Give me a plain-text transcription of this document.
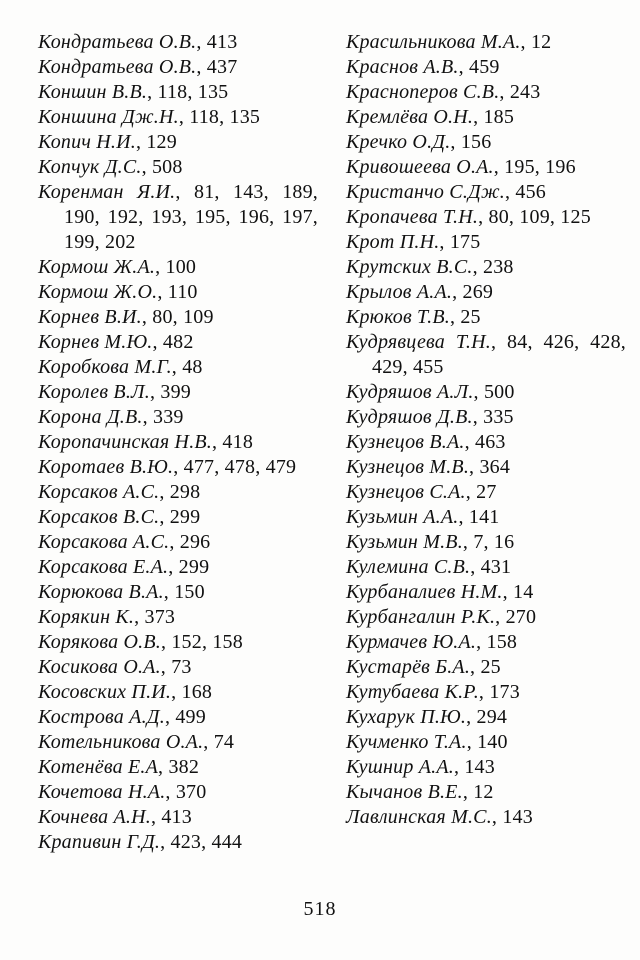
Кондратьева О.В., 413
Кондратьева О.В., 437
Коншин В.В., 118, 135
Коншина Дж.Н., 118, 135
Копич Н.И., 129
Копчук Д.С., 508
Коренман Я.И., 81, 143, 189, 190, 192, 193, 195, 196, 197, 199, 202
Кормош Ж.А., 100
Кормош Ж.О., 110
Корнев В.И., 80, 109
Корнев М.Ю., 482
Коробкова М.Г., 48
Королев В.Л., 399
Корона Д.В., 339
Коропачинская Н.В., 418
Коротаев В.Ю., 477, 478, 479
Корсаков А.С., 298
Корсаков В.С., 299
Корсакова А.С., 296
Корсакова Е.А., 299
Корюкова В.А., 150
Корякин К., 373
Корякова О.В., 152, 158
Косикова О.А., 73
Косовских П.И., 168
Кострова А.Д., 499
Котельникова О.А., 74
Котенёва Е.А, 382
Кочетова Н.А., 370
Кочнева А.Н., 413
Крапивин Г.Д., 423, 444
Красильникова М.А., 12
Краснов А.В., 459
Красноперов С.В., 243
Кремлёва О.Н., 185
Кречко О.Д., 156
Кривошеева О.А., 195, 196
Кристанчо С.Дж., 456
Кропачева Т.Н., 80, 109, 125
Крот П.Н., 175
Крутских В.С., 238
Крылов А.А., 269
Крюков Т.В., 25
Кудрявцева Т.Н., 84, 426, 428, 429, 455
Кудряшов А.Л., 500
Кудряшов Д.В., 335
Кузнецов В.А., 463
Кузнецов М.В., 364
Кузнецов С.А., 27
Кузьмин А.А., 141
Кузьмин М.В., 7, 16
Кулемина С.В., 431
Курбаналиев Н.М., 14
Курбангалин Р.К., 270
Курмачев Ю.А., 158
Кустарёв Б.А., 25
Кутубаева К.Р., 173
Кухарук П.Ю., 294
Кучменко Т.А., 140
Кушнир А.А., 143
Кычанов В.Е., 12
Лавлинская М.С., 143
518
